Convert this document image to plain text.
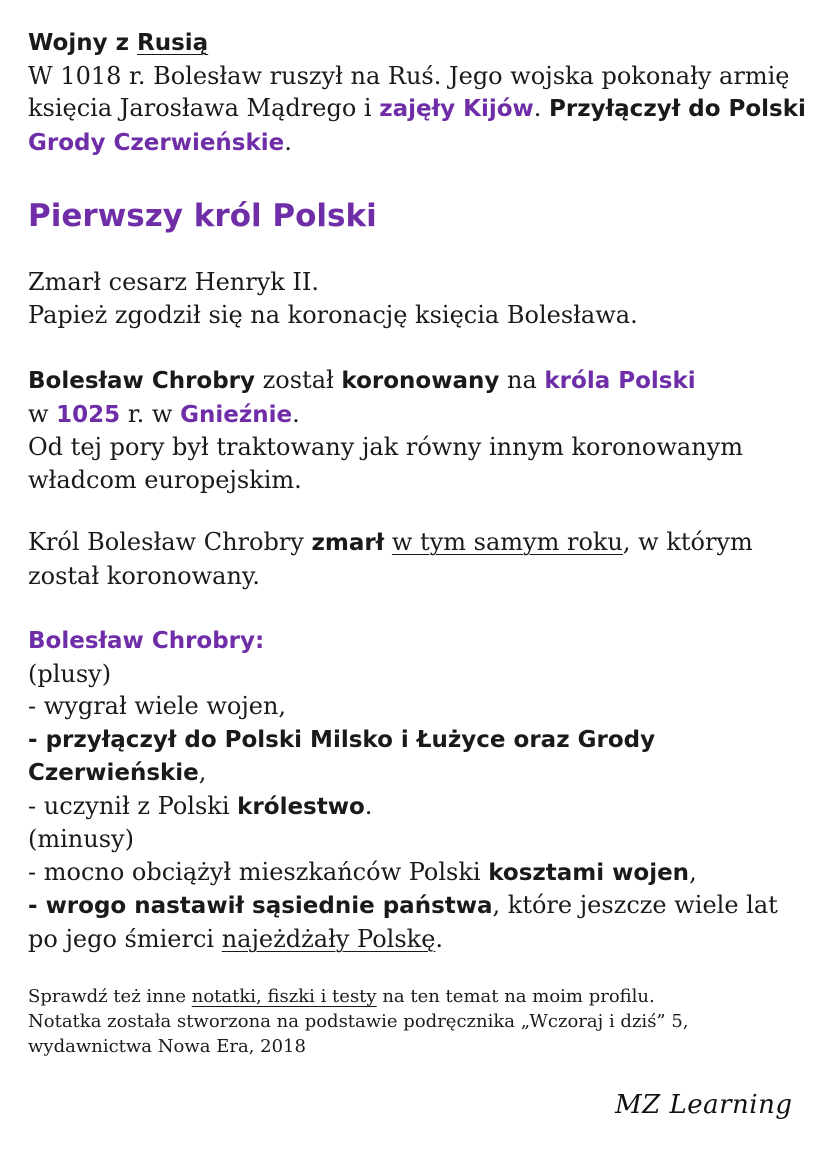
Wojny z Rusią

W 1018 r. Bolesław ruszył na Ruś. Jego wojska pokonały armię księcia Jarosława Mądrego i zajęły Kijów. Przyłączył do Polski Grody Czerwieńskie.

Pierwszy król Polski

Zmarł cesarz Henryk II.

Papież zgodził się na koronację księcia Bolesława.

Bolesław Chrobry został koronowany na króla Polski
w 1025 r. w Gnieźnie.

Od tej pory był traktowany jak równy innym koronowanym władcom europejskim.

Król Bolesław Chrobry zmarł w tym samym roku, w którym został koronowany.

Bolesław Chrobry:

(plusy)

- wygrał wiele wojen,

- przyłączył do Polski Milsko i Łużyce oraz Grody Czerwieńskie,

- uczynił z Polski królestwo.

(minusy)

- mocno obciążył mieszkańców Polski kosztami wojen,

- wrogo nastawił sąsiednie państwa, które jeszcze wiele lat po jego śmierci najeżdżały Polskę.

Sprawdź też inne notatki, fiszki i testy na ten temat na moim profilu.
Notatka została stworzona na podstawie podręcznika „Wczoraj i dziś” 5, wydawnictwa Nowa Era, 2018
MZ Learning
